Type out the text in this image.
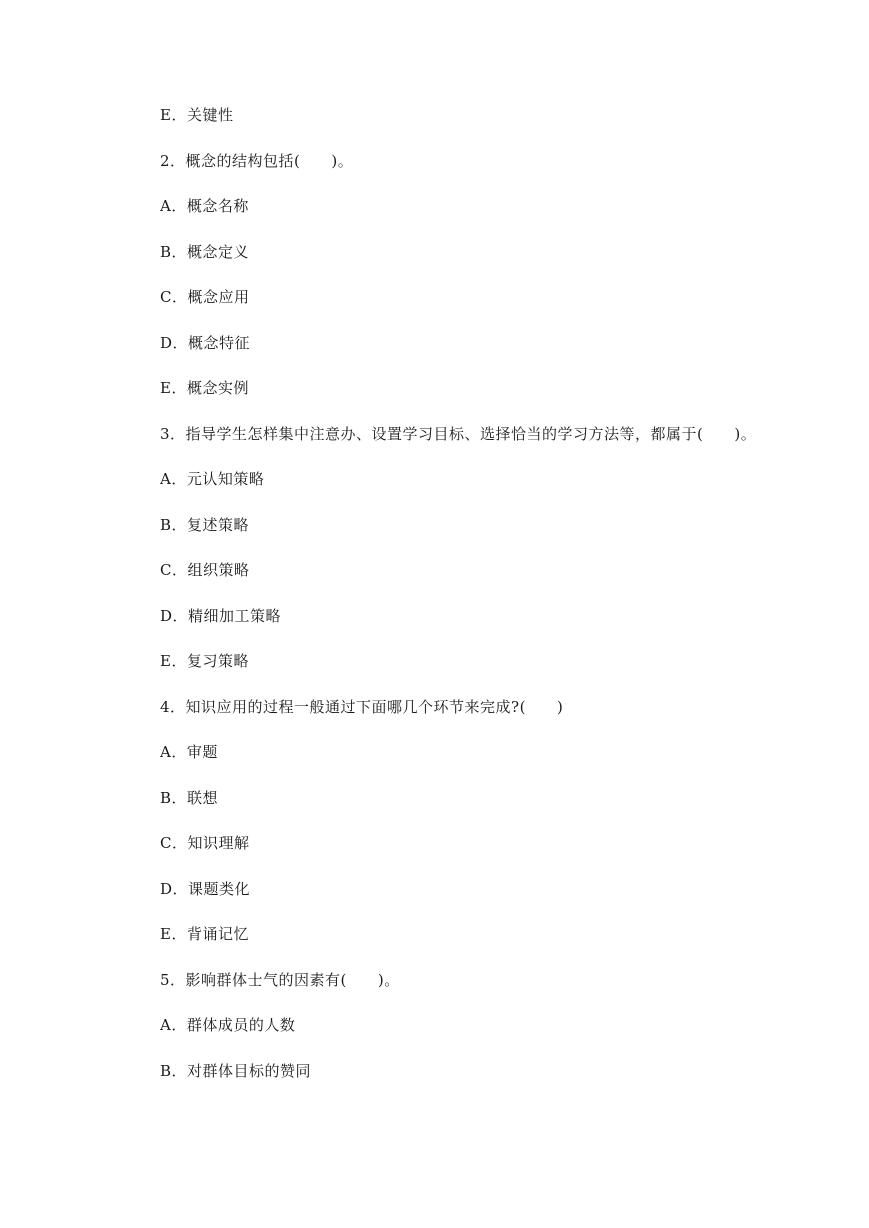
E．关键性
2．概念的结构包括(　　)。
A．概念名称
B．概念定义
C．概念应用
D．概念特征
E．概念实例
3．指导学生怎样集中注意办、设置学习目标、选择恰当的学习方法等，都属于(　　)。
A．元认知策略
B．复述策略
C．组织策略
D．精细加工策略
E．复习策略
4．知识应用的过程一般通过下面哪几个环节来完成?(　　)
A．审题
B．联想
C．知识理解
D．课题类化
E．背诵记忆
5．影响群体士气的因素有(　　)。
A．群体成员的人数
B．对群体目标的赞同
